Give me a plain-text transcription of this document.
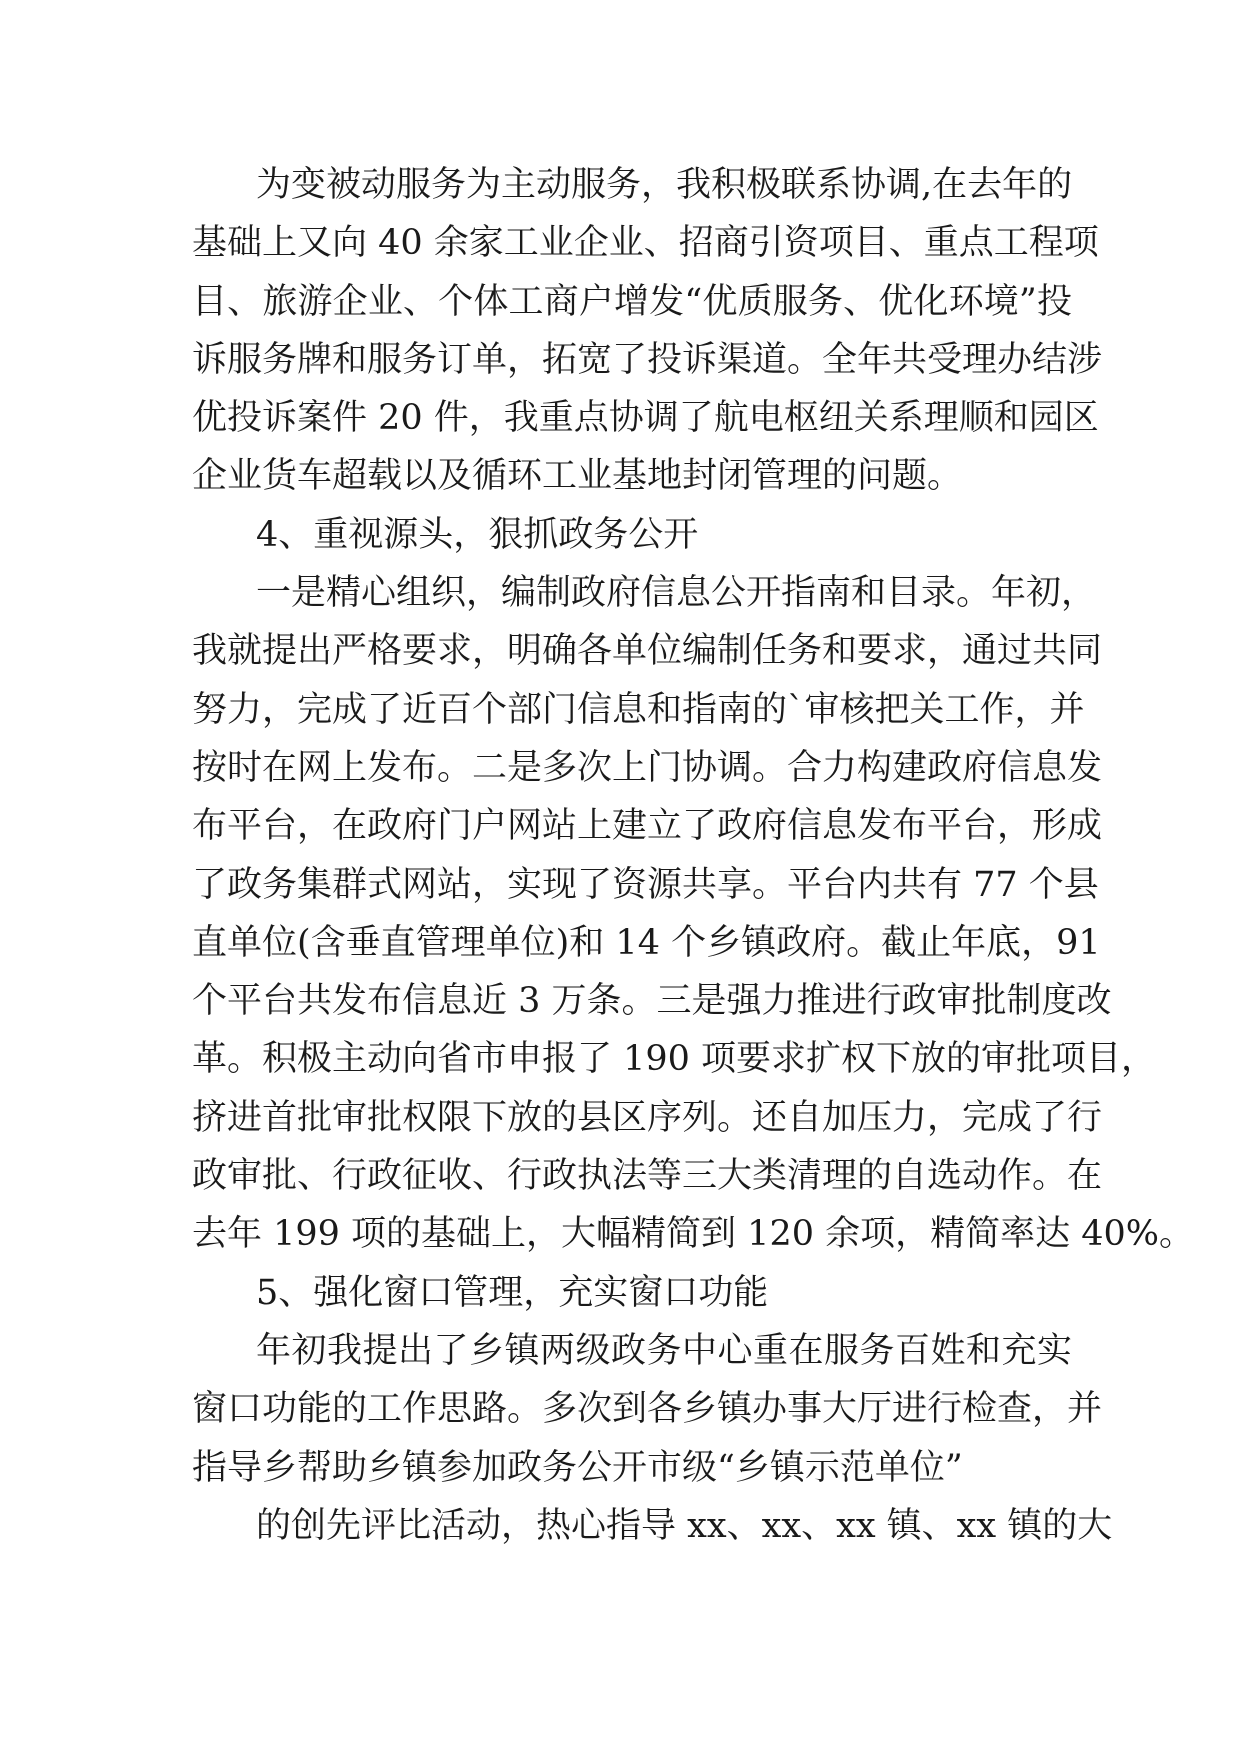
为变被动服务为主动服务，我积极联系协调,在去年的
基础上又向 40 余家工业企业、招商引资项目、重点工程项
目、旅游企业、个体工商户增发“优质服务、优化环境”投
诉服务牌和服务订单，拓宽了投诉渠道。全年共受理办结涉
优投诉案件 20 件，我重点协调了航电枢纽关系理顺和园区
企业货车超载以及循环工业基地封闭管理的问题。
4、重视源头，狠抓政务公开
一是精心组织，编制政府信息公开指南和目录。年初，
我就提出严格要求，明确各单位编制任务和要求，通过共同
努力，完成了近百个部门信息和指南的`审核把关工作，并
按时在网上发布。二是多次上门协调。合力构建政府信息发
布平台，在政府门户网站上建立了政府信息发布平台，形成
了政务集群式网站，实现了资源共享。平台内共有 77 个县
直单位(含垂直管理单位)和 14 个乡镇政府。截止年底，91
个平台共发布信息近 3 万条。三是强力推进行政审批制度改
革。积极主动向省市申报了 190 项要求扩权下放的审批项目，
挤进首批审批权限下放的县区序列。还自加压力，完成了行
政审批、行政征收、行政执法等三大类清理的自选动作。在
去年 199 项的基础上，大幅精简到 120 余项，精简率达 40%。
5、强化窗口管理，充实窗口功能
年初我提出了乡镇两级政务中心重在服务百姓和充实
窗口功能的工作思路。多次到各乡镇办事大厅进行检查，并
指导乡帮助乡镇参加政务公开市级“乡镇示范单位”
的创先评比活动，热心指导 xx、xx、xx 镇、xx 镇的大
